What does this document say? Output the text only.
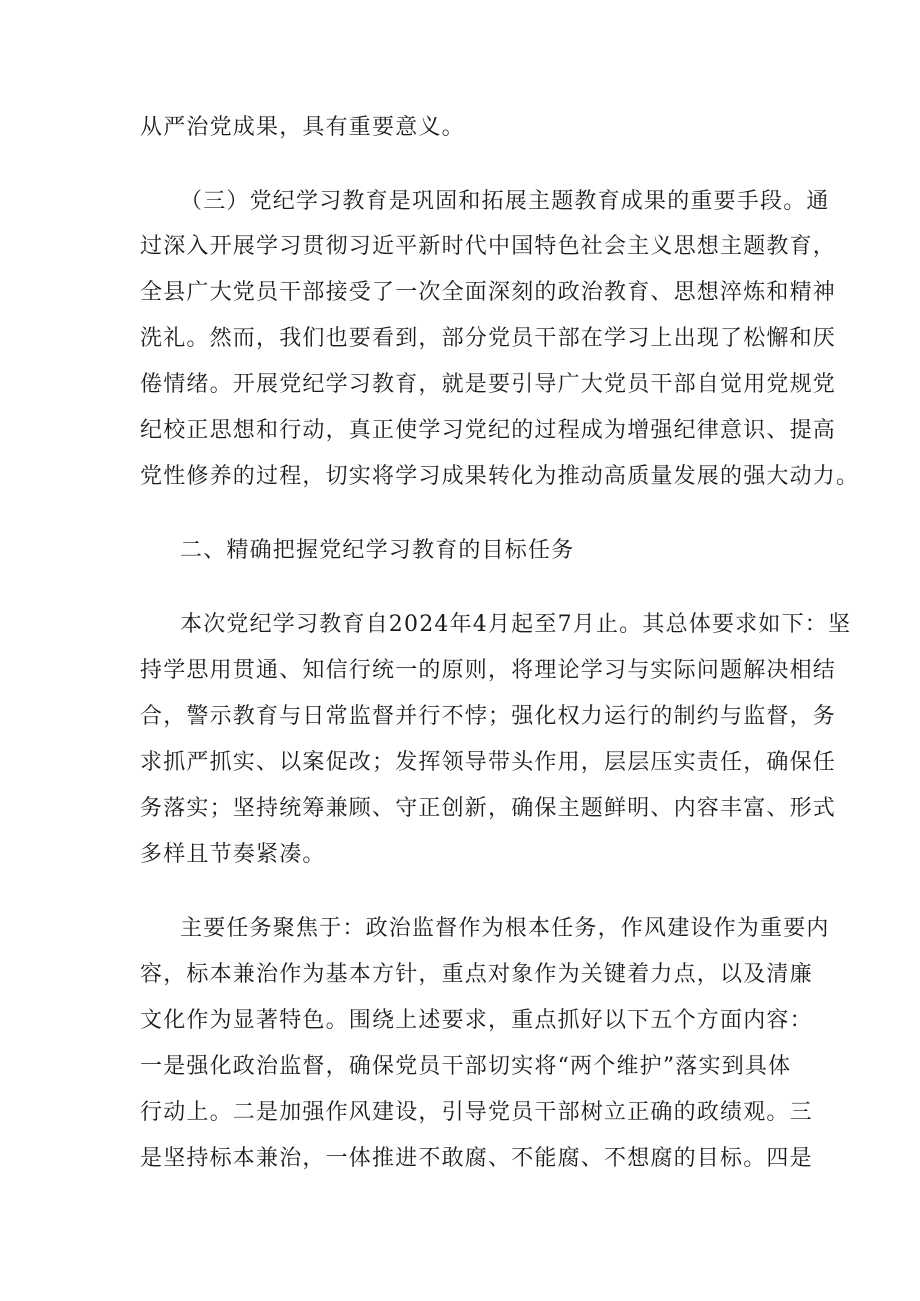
从严治党成果，具有重要意义。
（三）党纪学习教育是巩固和拓展主题教育成果的重要手段。通
过深入开展学习贯彻习近平新时代中国特色社会主义思想主题教育，
全县广大党员干部接受了一次全面深刻的政治教育、思想淬炼和精神
洗礼。然而，我们也要看到，部分党员干部在学习上出现了松懈和厌
倦情绪。开展党纪学习教育，就是要引导广大党员干部自觉用党规党
纪校正思想和行动，真正使学习党纪的过程成为增强纪律意识、提高
党性修养的过程，切实将学习成果转化为推动高质量发展的强大动力。
二、精确把握党纪学习教育的目标任务
本次党纪学习教育自2024年4月起至7月止。其总体要求如下：坚
持学思用贯通、知信行统一的原则，将理论学习与实际问题解决相结
合，警示教育与日常监督并行不悖；强化权力运行的制约与监督，务
求抓严抓实、以案促改；发挥领导带头作用，层层压实责任，确保任
务落实；坚持统筹兼顾、守正创新，确保主题鲜明、内容丰富、形式
多样且节奏紧凑。
主要任务聚焦于：政治监督作为根本任务，作风建设作为重要内
容，标本兼治作为基本方针，重点对象作为关键着力点，以及清廉
文化作为显著特色。围绕上述要求，重点抓好以下五个方面内容：
一是强化政治监督，确保党员干部切实将“两个维护”落实到具体
行动上。二是加强作风建设，引导党员干部树立正确的政绩观。三
是坚持标本兼治，一体推进不敢腐、不能腐、不想腐的目标。四是
